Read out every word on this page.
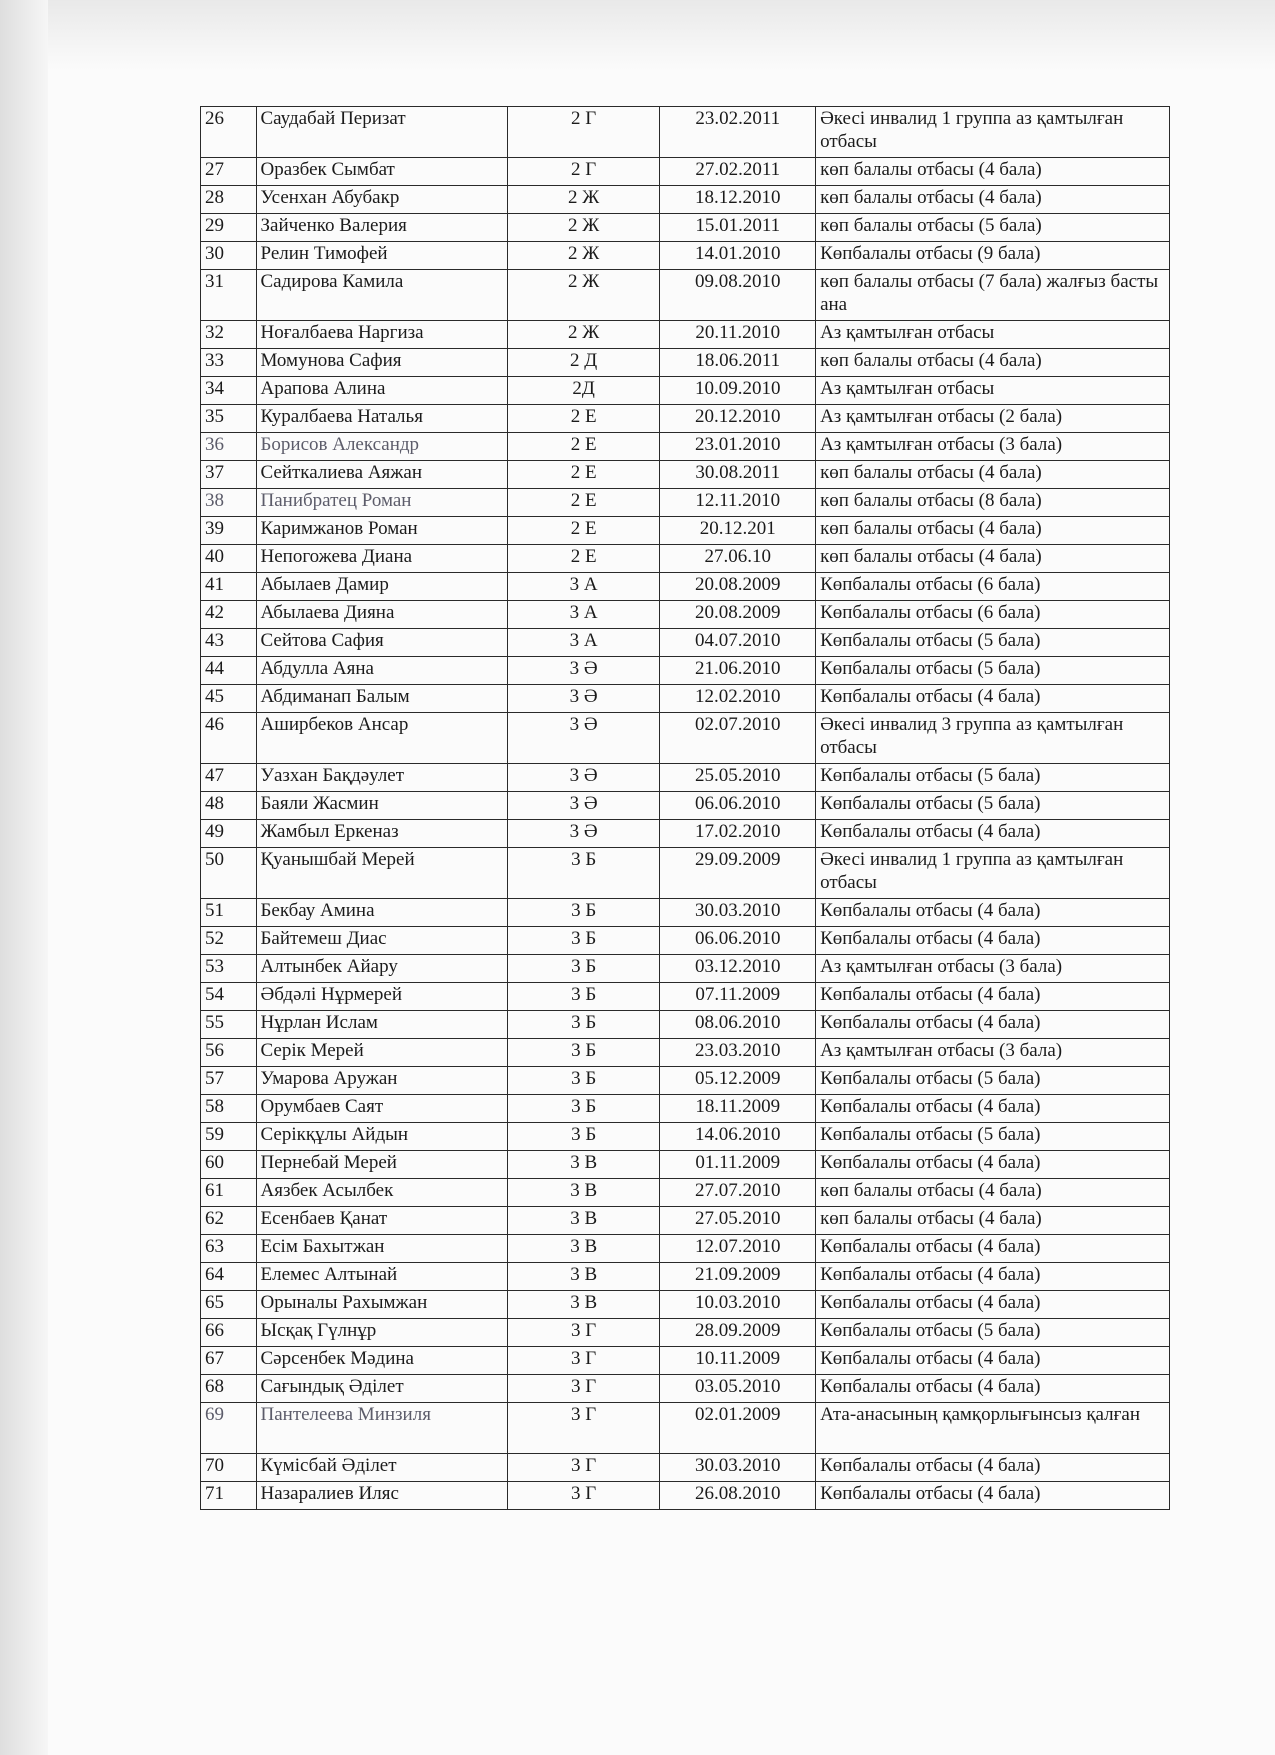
26	Саудабай Перизат	2 Г	23.02.2011	Әкесі инвалид 1 группа аз қамтылған отбасы
27	Оразбек Сымбат	2 Г	27.02.2011	көп балалы отбасы (4 бала)
28	Усенхан Абубакр	2 Ж	18.12.2010	көп балалы отбасы (4 бала)
29	Зайченко Валерия	2 Ж	15.01.2011	көп балалы отбасы (5 бала)
30	Релин Тимофей	2 Ж	14.01.2010	Көпбалалы отбасы (9 бала)
31	Садирова Камила	2 Ж	09.08.2010	көп балалы отбасы (7 бала) жалғыз басты ана
32	Ноғалбаева Наргиза	2 Ж	20.11.2010	Аз қамтылған отбасы
33	Момунова Сафия	2 Д	18.06.2011	көп балалы отбасы (4 бала)
34	Арапова Алина	2Д	10.09.2010	Аз қамтылған отбасы
35	Куралбаева Наталья	2 Е	20.12.2010	Аз қамтылған отбасы (2 бала)
36	Борисов Александр	2 Е	23.01.2010	Аз қамтылған отбасы (3 бала)
37	Сейткалиева Аяжан	2 Е	30.08.2011	көп балалы отбасы (4 бала)
38	Панибратец Роман	2 Е	12.11.2010	көп балалы отбасы (8 бала)
39	Каримжанов Роман	2 Е	20.12.201	көп балалы отбасы (4 бала)
40	Непогожева Диана	2 Е	27.06.10	көп балалы отбасы (4 бала)
41	Абылаев Дамир	3 А	20.08.2009	Көпбалалы отбасы (6 бала)
42	Абылаева Дияна	3 А	20.08.2009	Көпбалалы отбасы (6 бала)
43	Сейтова Сафия	3 А	04.07.2010	Көпбалалы отбасы (5 бала)
44	Абдулла Аяна	3 Ә	21.06.2010	Көпбалалы отбасы (5 бала)
45	Абдиманап Балым	3 Ә	12.02.2010	Көпбалалы отбасы (4 бала)
46	Аширбеков Ансар	3 Ә	02.07.2010	Әкесі инвалид 3 группа аз қамтылған отбасы
47	Уазхан Бақдәулет	3 Ә	25.05.2010	Көпбалалы отбасы (5 бала)
48	Баяли Жасмин	3 Ә	06.06.2010	Көпбалалы отбасы (5 бала)
49	Жамбыл Еркеназ	3 Ә	17.02.2010	Көпбалалы отбасы (4 бала)
50	Қуанышбай Мерей	3 Б	29.09.2009	Әкесі инвалид 1 группа аз қамтылған отбасы
51	Бекбау Амина	3 Б	30.03.2010	Көпбалалы отбасы (4 бала)
52	Байтемеш Диас	3 Б	06.06.2010	Көпбалалы отбасы (4 бала)
53	Алтынбек Айару	3 Б	03.12.2010	Аз қамтылған отбасы (3 бала)
54	Әбдәлі Нұрмерей	3 Б	07.11.2009	Көпбалалы отбасы (4 бала)
55	Нұрлан Ислам	3 Б	08.06.2010	Көпбалалы отбасы (4 бала)
56	Серік Мерей	3 Б	23.03.2010	Аз қамтылған отбасы (3 бала)
57	Умарова Аружан	3 Б	05.12.2009	Көпбалалы отбасы (5 бала)
58	Орумбаев Саят	3 Б	18.11.2009	Көпбалалы отбасы (4 бала)
59	Серікқұлы Айдын	3 Б	14.06.2010	Көпбалалы отбасы (5 бала)
60	Пернебай Мерей	3 В	01.11.2009	Көпбалалы отбасы (4 бала)
61	Аязбек Асылбек	3 В	27.07.2010	көп балалы отбасы (4 бала)
62	Есенбаев Қанат	3 В	27.05.2010	көп балалы отбасы (4 бала)
63	Есім Бахытжан	3 В	12.07.2010	Көпбалалы отбасы (4 бала)
64	Елемес Алтынай	3 В	21.09.2009	Көпбалалы отбасы (4 бала)
65	Орыналы Рахымжан	3 В	10.03.2010	Көпбалалы отбасы (4 бала)
66	Ысқақ Гүлнұр	3 Г	28.09.2009	Көпбалалы отбасы (5 бала)
67	Сәрсенбек Мәдина	3 Г	10.11.2009	Көпбалалы отбасы (4 бала)
68	Сағындық Әділет	3 Г	03.05.2010	Көпбалалы отбасы (4 бала)
69	Пантелеева Минзиля	3 Г	02.01.2009	Ата-анасының қамқорлығынсыз қалған
70	Күмісбай Әділет	3 Г	30.03.2010	Көпбалалы отбасы (4 бала)
71	Назаралиев Иляс	3 Г	26.08.2010	Көпбалалы отбасы (4 бала)
